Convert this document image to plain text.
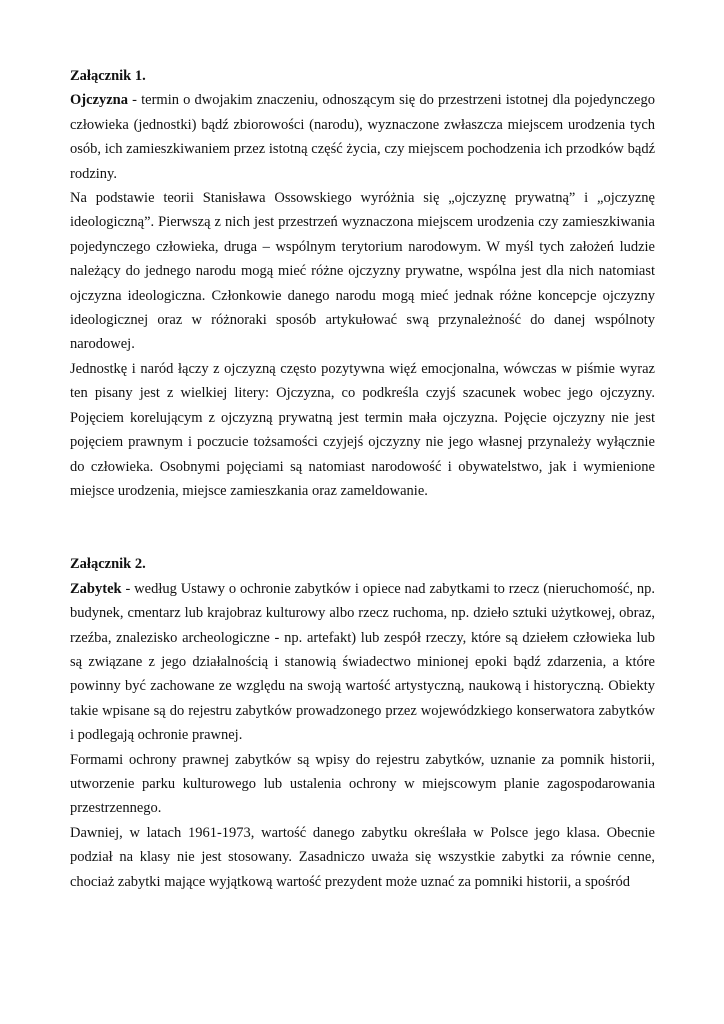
Załącznik 1.

Ojczyzna - termin o dwojakim znaczeniu, odnoszącym się do przestrzeni istotnej dla pojedynczego człowieka (jednostki) bądź zbiorowości (narodu), wyznaczone zwłaszcza miejscem urodzenia tych osób, ich zamieszkiwaniem przez istotną część życia, czy miejscem pochodzenia ich przodków bądź rodziny.

Na podstawie teorii Stanisława Ossowskiego wyróżnia się „ojczyznę prywatną” i „ojczyznę ideologiczną”. Pierwszą z nich jest przestrzeń wyznaczona miejscem urodzenia czy zamieszkiwania pojedynczego człowieka, druga – wspólnym terytorium narodowym. W myśl tych założeń ludzie należący do jednego narodu mogą mieć różne ojczyzny prywatne, wspólna jest dla nich natomiast ojczyzna ideologiczna. Członkowie danego narodu mogą mieć jednak różne koncepcje ojczyzny ideologicznej oraz w różnoraki sposób artykułować swą przynależność do danej wspólnoty narodowej.

Jednostkę i naród łączy z ojczyzną często pozytywna więź emocjonalna, wówczas w piśmie wyraz ten pisany jest z wielkiej litery: Ojczyzna, co podkreśla czyjś szacunek wobec jego ojczyzny. Pojęciem korelującym z ojczyzną prywatną jest termin mała ojczyzna. Pojęcie ojczyzny nie jest pojęciem prawnym i poczucie tożsamości czyjejś ojczyzny nie jego własnej przynależy wyłącznie do człowieka. Osobnymi pojęciami są natomiast narodowość i obywatelstwo, jak i wymienione miejsce urodzenia, miejsce zamieszkania oraz zameldowanie.

Załącznik 2.

Zabytek - według Ustawy o ochronie zabytków i opiece nad zabytkami to rzecz (nieruchomość, np. budynek, cmentarz lub krajobraz kulturowy albo rzecz ruchoma, np. dzieło sztuki użytkowej, obraz, rzeźba, znalezisko archeologiczne - np. artefakt) lub zespół rzeczy, które są dziełem człowieka lub są związane z jego działalnością i stanowią świadectwo minionej epoki bądź zdarzenia, a które powinny być zachowane ze względu na swoją wartość artystyczną, naukową i historyczną. Obiekty takie wpisane są do rejestru zabytków prowadzonego przez wojewódzkiego konserwatora zabytków i podlegają ochronie prawnej.

Formami ochrony prawnej zabytków są wpisy do rejestru zabytków, uznanie za pomnik historii, utworzenie parku kulturowego lub ustalenia ochrony w miejscowym planie zagospodarowania przestrzennego.

Dawniej, w latach 1961-1973, wartość danego zabytku określała w Polsce jego klasa. Obecnie podział na klasy nie jest stosowany. Zasadniczo uważa się wszystkie zabytki za równie cenne, chociaż zabytki mające wyjątkową wartość prezydent może uznać za pomniki historii, a spośród
